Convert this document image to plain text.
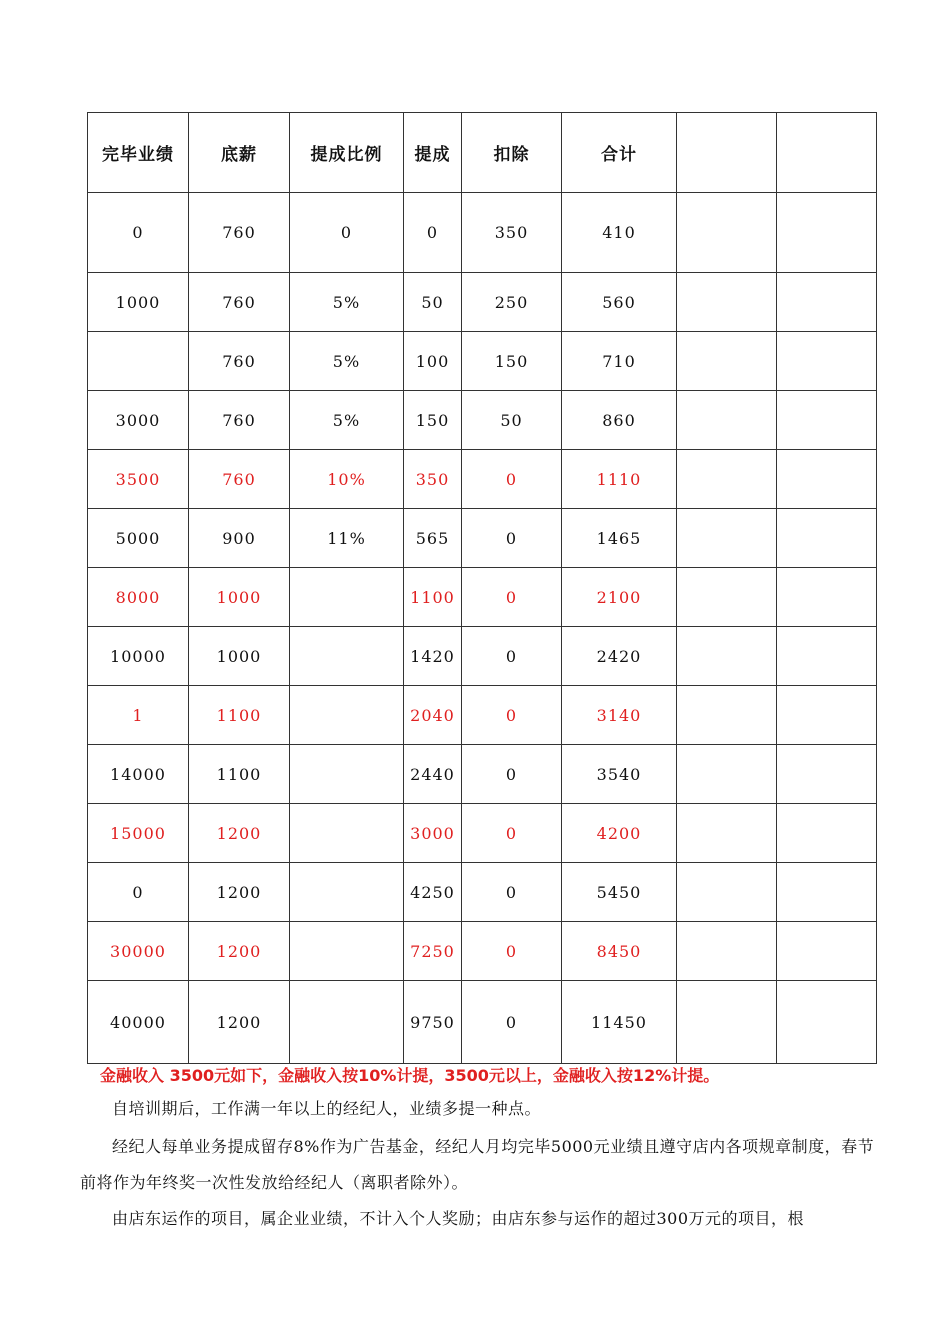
完毕业绩	底薪	提成比例	提成	扣除	合计		
0	760	0	0	350	410		
1000	760	5%	50	250	560		
	760	5%	100	150	710		
3000	760	5%	150	50	860		
3500	760	10%	350	0	1110		
5000	900	11%	565	0	1465		
8000	1000		1100	0	2100		
10000	1000		1420	0	2420		
1	1100		2040	0	3140		
14000	1100		2440	0	3540		
15000	1200		3000	0	4200		
0	1200		4250	0	5450		
30000	1200		7250	0	8450		
40000	1200		9750	0	11450		
金融收入 3500元如下，金融收入按10%计提，3500元以上，金融收入按12%计提。
自培训期后，工作满一年以上的经纪人，业绩多提一种点。
经纪人每单业务提成留存8%作为广告基金，经纪人月均完毕5000元业绩且遵守店内各项规章制度，春节前将作为年终奖一次性发放给经纪人（离职者除外）。
由店东运作的项目，属企业业绩，不计入个人奖励；由店东参与运作的超过300万元的项目，根
